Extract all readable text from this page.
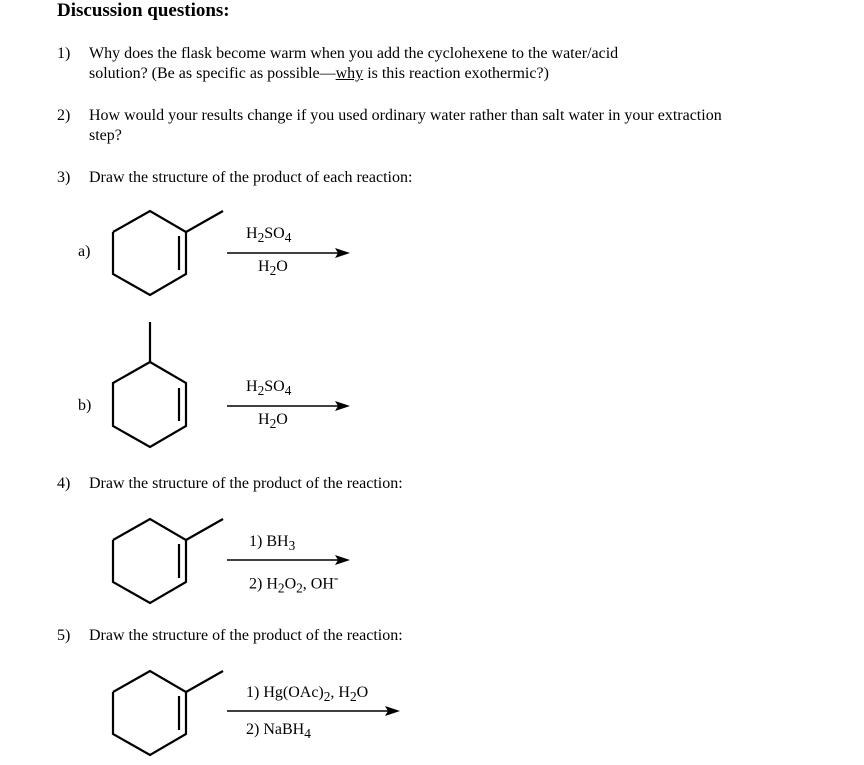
Discussion questions:
1) Why does the flask become warm when you add the cyclohexene to the water/acid
solution? (Be as specific as possible—why is this reaction exothermic?)
2) How would your results change if you used ordinary water rather than salt water in your extraction
step?
3) Draw the structure of the product of each reaction:
a)
$H_2SO_4$
$H_2O$
b)
$H_2SO_4$
$H_2O$
4) Draw the structure of the product of the reaction:
1) $BH_3$
2) $H_2O_2$, OH-
5) Draw the structure of the product of the reaction:
1) $Hg(OAc)_2$, $H_2O$
2) NaBH$_4$
